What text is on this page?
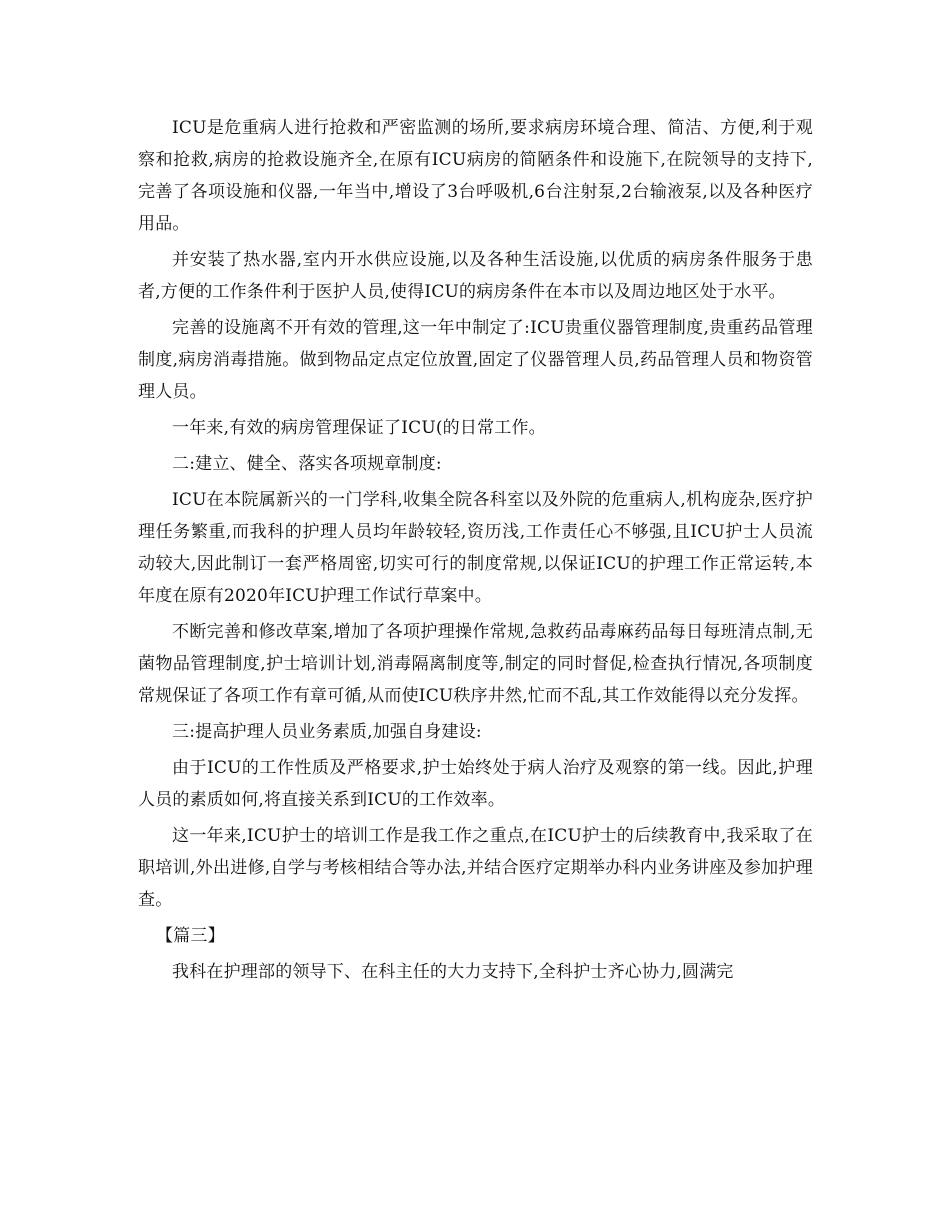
ICU是危重病人进行抢救和严密监测的场所,要求病房环境合理、简洁、方便,利于观察和抢救,病房的抢救设施齐全,在原有ICU病房的简陋条件和设施下,在院领导的支持下,完善了各项设施和仪器,一年当中,增设了3台呼吸机,6台注射泵,2台输液泵,以及各种医疗用品。

并安装了热水器,室内开水供应设施,以及各种生活设施,以优质的病房条件服务于患者,方便的工作条件利于医护人员,使得ICU的病房条件在本市以及周边地区处于水平。

完善的设施离不开有效的管理,这一年中制定了:ICU贵重仪器管理制度,贵重药品管理制度,病房消毒措施。做到物品定点定位放置,固定了仪器管理人员,药品管理人员和物资管理人员。

一年来,有效的病房管理保证了ICU(的日常工作。

二:建立、健全、落实各项规章制度:

ICU在本院属新兴的一门学科,收集全院各科室以及外院的危重病人,机构庞杂,医疗护理任务繁重,而我科的护理人员均年龄较轻,资历浅,工作责任心不够强,且ICU护士人员流动较大,因此制订一套严格周密,切实可行的制度常规,以保证ICU的护理工作正常运转,本年度在原有2020年ICU护理工作试行草案中。

不断完善和修改草案,增加了各项护理操作常规,急救药品毒麻药品每日每班清点制,无菌物品管理制度,护士培训计划,消毒隔离制度等,制定的同时督促,检查执行情况,各项制度常规保证了各项工作有章可循,从而使ICU秩序井然,忙而不乱,其工作效能得以充分发挥。

三:提高护理人员业务素质,加强自身建设:

由于ICU的工作性质及严格要求,护士始终处于病人治疗及观察的第一线。因此,护理人员的素质如何,将直接关系到ICU的工作效率。

这一年来,ICU护士的培训工作是我工作之重点,在ICU护士的后续教育中,我采取了在职培训,外出进修,自学与考核相结合等办法,并结合医疗定期举办科内业务讲座及参加护理查。

【篇三】

我科在护理部的领导下、在科主任的大力支持下,全科护士齐心协力,圆满完
